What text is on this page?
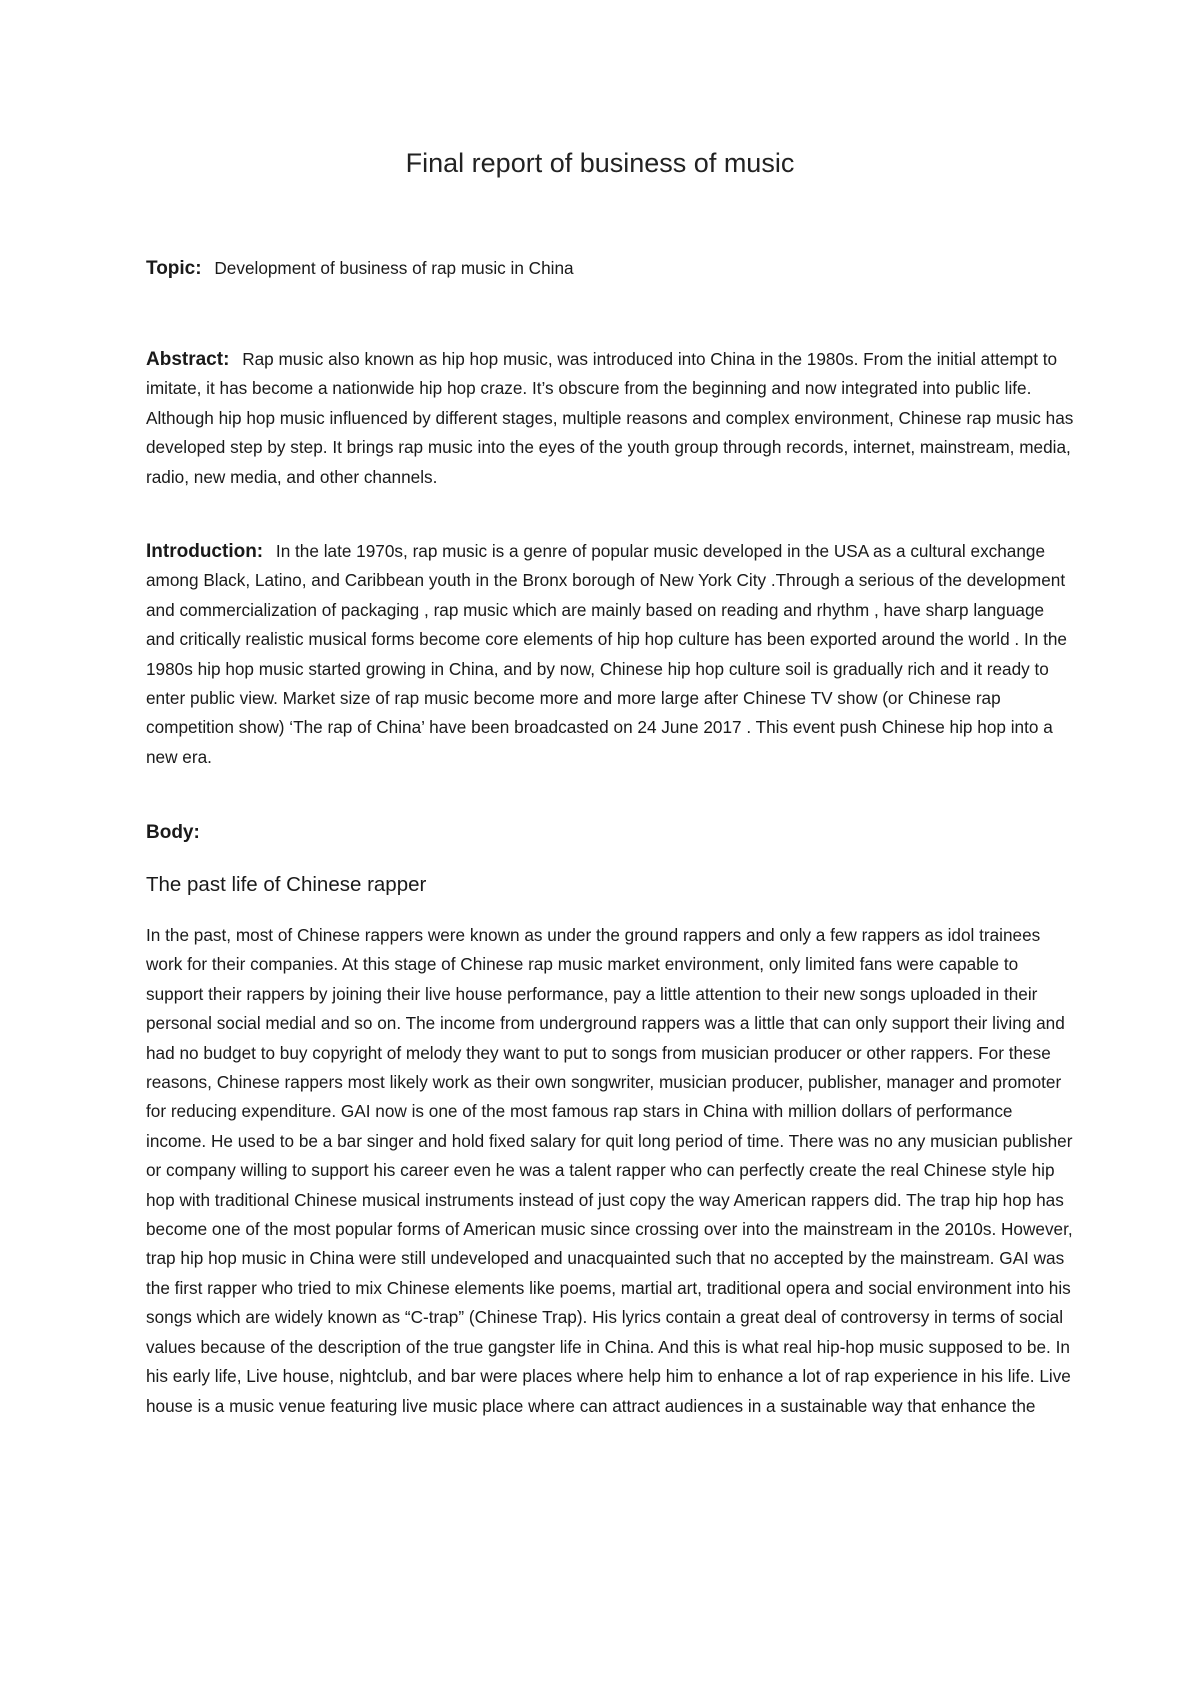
Final report of business of music

Topic: Development of business of rap music in China

Abstract: Rap music also known as hip hop music, was introduced into China in the 1980s. From the initial attempt to imitate, it has become a nationwide hip hop craze. It’s obscure from the beginning and now integrated into public life. Although hip hop music influenced by different stages, multiple reasons and complex environment, Chinese rap music has developed step by step. It brings rap music into the eyes of the youth group through records, internet, mainstream, media, radio, new media, and other channels.

Introduction: In the late 1970s, rap music is a genre of popular music developed in the USA as a cultural exchange among Black, Latino, and Caribbean youth in the Bronx borough of New York City .Through a serious of the development and commercialization of packaging , rap music which are mainly based on reading and rhythm , have sharp language and critically realistic musical forms become core elements of hip hop culture has been exported around the world . In the 1980s hip hop music started growing in China, and by now, Chinese hip hop culture soil is gradually rich and it ready to enter public view. Market size of rap music become more and more large after Chinese TV show (or Chinese rap competition show) ‘The rap of China’ have been broadcasted on 24 June 2017 . This event push Chinese hip hop into a new era.

Body:
The past life of Chinese rapper

In the past, most of Chinese rappers were known as under the ground rappers and only a few rappers as idol trainees work for their companies. At this stage of Chinese rap music market environment, only limited fans were capable to support their rappers by joining their live house performance, pay a little attention to their new songs uploaded in their personal social medial and so on. The income from underground rappers was a little that can only support their living and had no budget to buy copyright of melody they want to put to songs from musician producer or other rappers. For these reasons, Chinese rappers most likely work as their own songwriter, musician producer, publisher, manager and promoter for reducing expenditure. GAI now is one of the most famous rap stars in China with million dollars of performance income. He used to be a bar singer and hold fixed salary for quit long period of time. There was no any musician publisher or company willing to support his career even he was a talent rapper who can perfectly create the real Chinese style hip hop with traditional Chinese musical instruments instead of just copy the way American rappers did. The trap hip hop has become one of the most popular forms of American music since crossing over into the mainstream in the 2010s. However, trap hip hop music in China were still undeveloped and unacquainted such that no accepted by the mainstream. GAI was the first rapper who tried to mix Chinese elements like poems, martial art, traditional opera and social environment into his songs which are widely known as “C-trap” (Chinese Trap). His lyrics contain a great deal of controversy in terms of social values because of the description of the true gangster life in China. And this is what real hip-hop music supposed to be. In his early life, Live house, nightclub, and bar were places where help him to enhance a lot of rap experience in his life. Live house is a music venue featuring live music place where can attract audiences in a sustainable way that enhance the
